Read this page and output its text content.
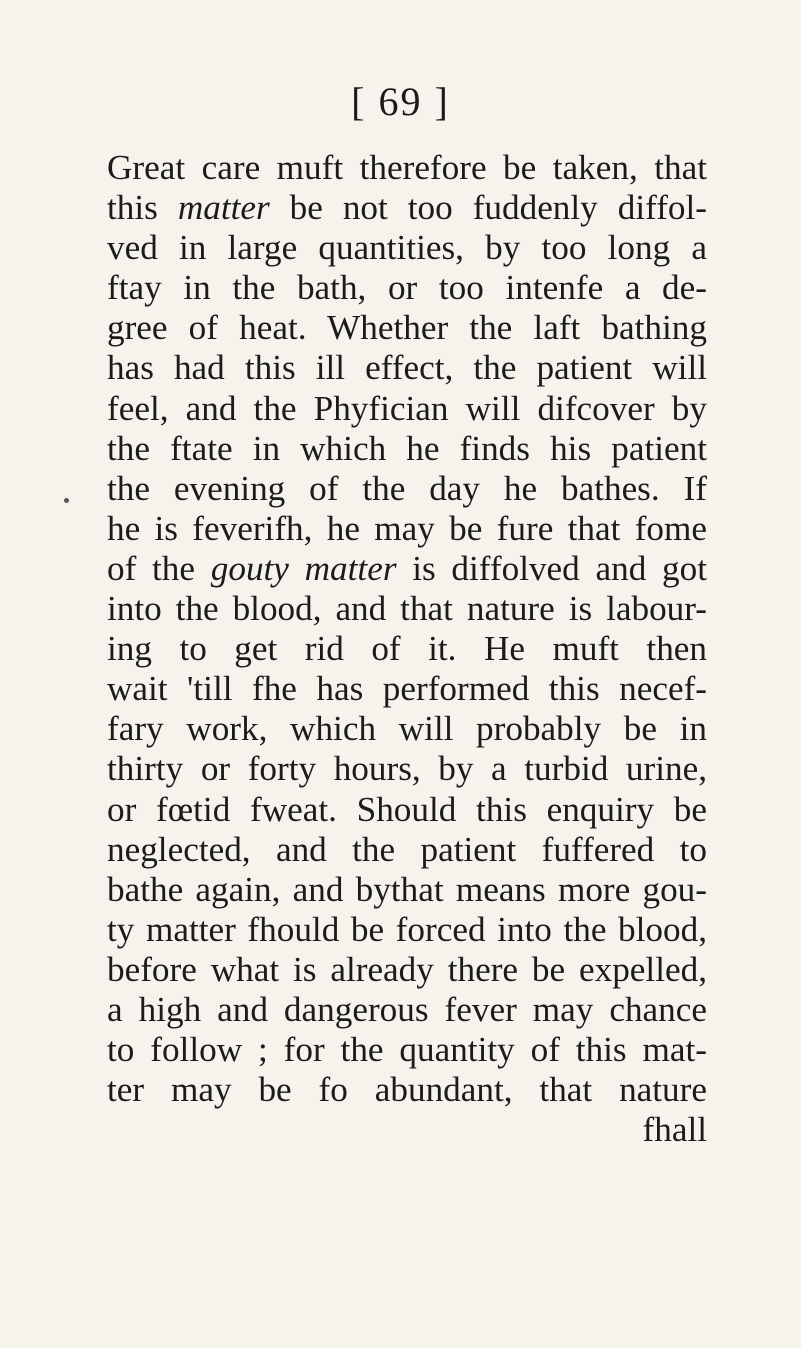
[ 69 ]
Great care muft therefore be taken, that
this matter be not too fuddenly diffol-
ved in large quantities, by too long a
ftay in the bath, or too intenfe a de-
gree of heat. Whether the laft bathing
has had this ill effect, the patient will
feel, and the Phyfician will difcover by
the ftate in which he finds his patient
the evening of the day he bathes. If
he is feverifh, he may be fure that fome
of the gouty matter is diffolved and got
into the blood, and that nature is labour-
ing to get rid of it. He muft then
wait 'till fhe has performed this necef-
fary work, which will probably be in
thirty or forty hours, by a turbid urine,
or fœtid fweat. Should this enquiry be
neglected, and the patient fuffered to
bathe again, and bythat means more gou-
ty matter fhould be forced into the blood,
before what is already there be expelled,
a high and dangerous fever may chance
to follow ; for the quantity of this mat-
ter may be fo abundant, that nature
fhall
